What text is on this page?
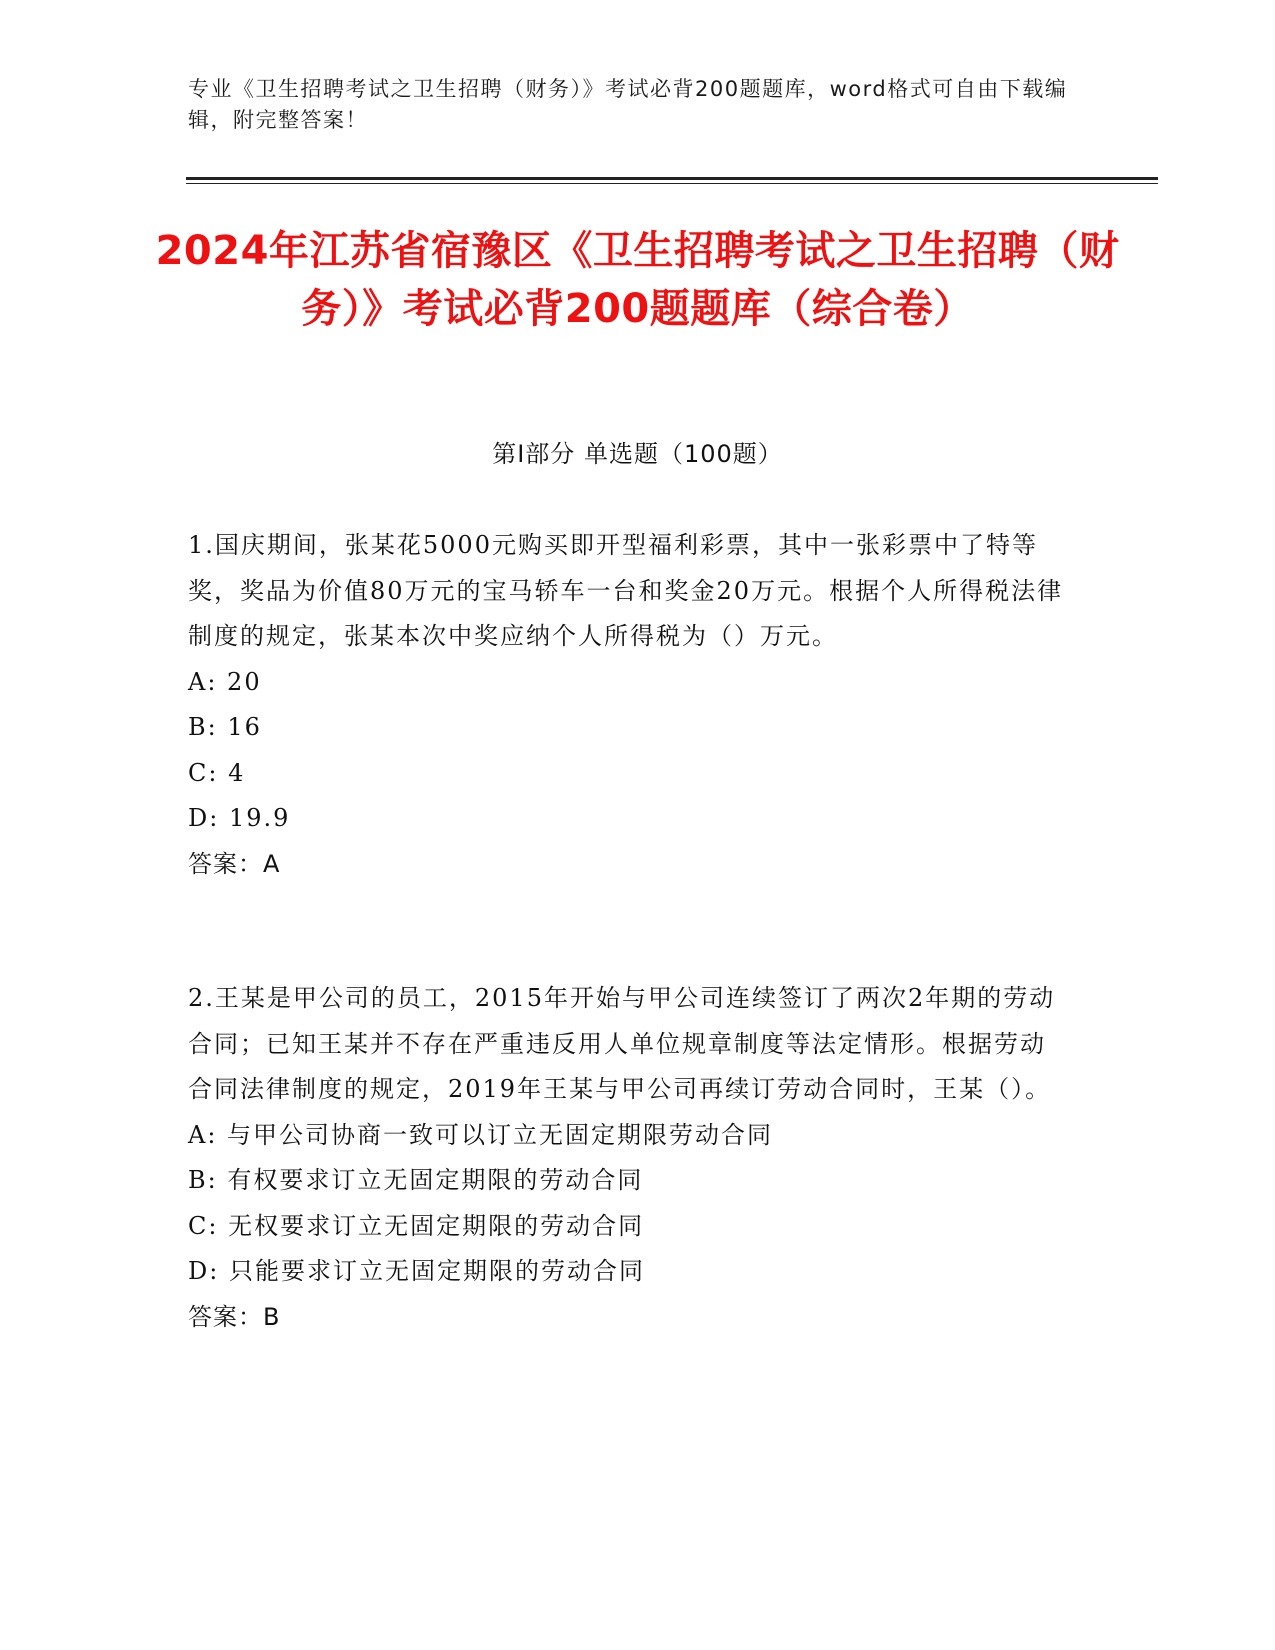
专业《卫生招聘考试之卫生招聘（财务）》考试必背200题题库，word格式可自由下载编辑，附完整答案！
2024年江苏省宿豫区《卫生招聘考试之卫生招聘（财务）》考试必背200题题库（综合卷）
第Ⅰ部分 单选题（100题）

1.国庆期间，张某花5000元购买即开型福利彩票，其中一张彩票中了特等奖，奖品为价值80万元的宝马轿车一台和奖金20万元。根据个人所得税法律制度的规定，张某本次中奖应纳个人所得税为（）万元。

A: 20
B: 16
C: 4
D: 19.9

答案：A

2.王某是甲公司的员工，2015年开始与甲公司连续签订了两次2年期的劳动合同；已知王某并不存在严重违反用人单位规章制度等法定情形。根据劳动合同法律制度的规定，2019年王某与甲公司再续订劳动合同时，王某（）。

A: 与甲公司协商一致可以订立无固定期限劳动合同
B: 有权要求订立无固定期限的劳动合同
C: 无权要求订立无固定期限的劳动合同
D: 只能要求订立无固定期限的劳动合同

答案：B
